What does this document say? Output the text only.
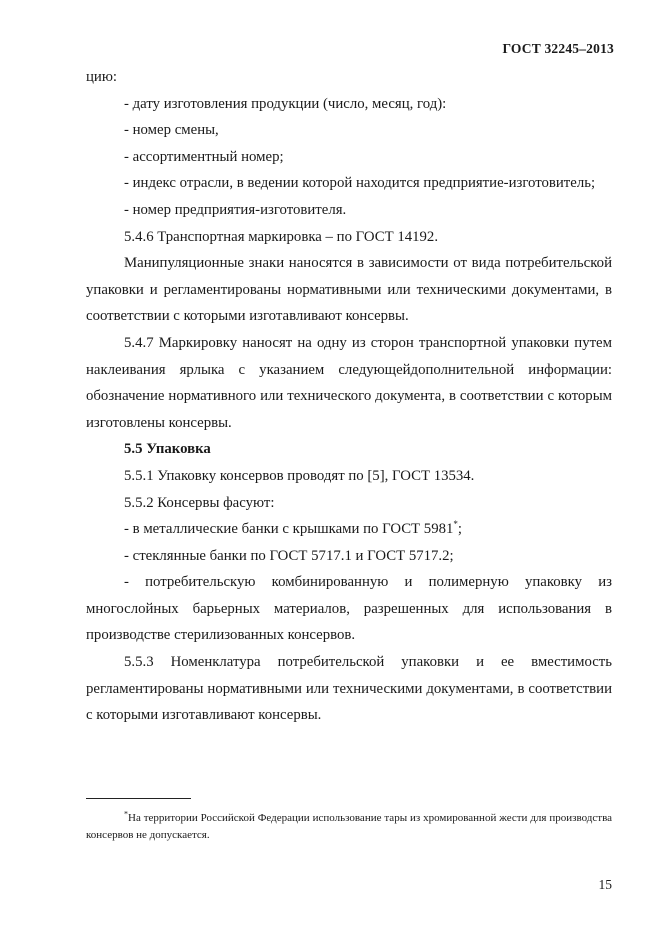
ГОСТ 32245–2013

цию:

- дату изготовления продукции (число, месяц, год):

- номер смены,

- ассортиментный номер;

- индекс отрасли, в ведении которой находится предприятие-изготовитель;

- номер предприятия-изготовителя.

5.4.6 Транспортная маркировка – по ГОСТ 14192.

Манипуляционные знаки наносятся в зависимости от вида потребительской упаковки и регламентированы нормативными или техническими документами, в соответствии с которыми изготавливают консервы.

5.4.7 Маркировку наносят на одну из сторон транспортной упаковки путем наклеивания ярлыка с указанием следующейдополнительной информации: обозначение нормативного или технического документа, в соответствии с которым изготовлены консервы.

5.5 Упаковка

5.5.1 Упаковку консервов проводят по [5], ГОСТ 13534.

5.5.2 Консервы фасуют:

- в металлические банки с крышками по ГОСТ 5981*;

- стеклянные банки по ГОСТ 5717.1 и ГОСТ 5717.2;

- потребительскую комбинированную и полимерную упаковку из многослойных барьерных материалов, разрешенных для использования в производстве стерилизованных консервов.

5.5.3 Номенклатура потребительской упаковки и ее вместимость регламентированы нормативными или техническими документами, в соответствии с которыми изготавливают консервы.

*На территории Российской Федерации использование тары из хромированной жести для производства консервов не допускается.
15
